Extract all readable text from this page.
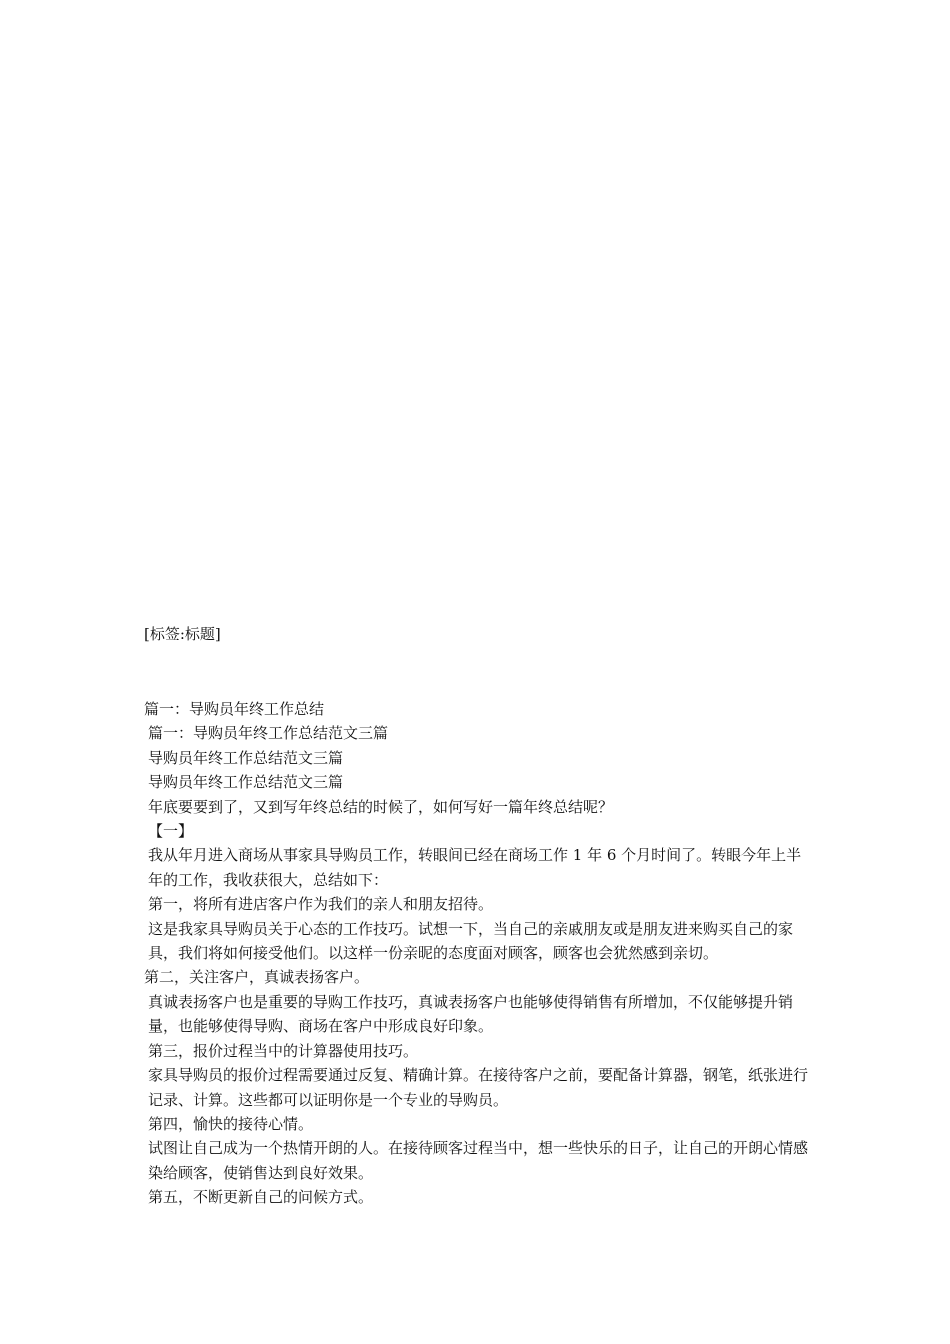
[标签:标题]

篇一：导购员年终工作总结

篇一：导购员年终工作总结范文三篇

导购员年终工作总结范文三篇

导购员年终工作总结范文三篇

年底要要到了，又到写年终总结的时候了，如何写好一篇年终总结呢？

【一】

我从年月进入商场从事家具导购员工作，转眼间已经在商场工作 1 年 6 个月时间了。转眼今年上半年的工作，我收获很大，总结如下：

第一，将所有进店客户作为我们的亲人和朋友招待。

这是我家具导购员关于心态的工作技巧。试想一下，当自己的亲戚朋友或是朋友进来购买自己的家具，我们将如何接受他们。以这样一份亲昵的态度面对顾客，顾客也会犹然感到亲切。

第二，关注客户，真诚表扬客户。

真诚表扬客户也是重要的导购工作技巧，真诚表扬客户也能够使得销售有所增加，不仅能够提升销量，也能够使得导购、商场在客户中形成良好印象。

第三，报价过程当中的计算器使用技巧。

家具导购员的报价过程需要通过反复、精确计算。在接待客户之前，要配备计算器，钢笔，纸张进行记录、计算。这些都可以证明你是一个专业的导购员。

第四，愉快的接待心情。

试图让自己成为一个热情开朗的人。在接待顾客过程当中，想一些快乐的日子，让自己的开朗心情感染给顾客，使销售达到良好效果。

第五，不断更新自己的问候方式。
